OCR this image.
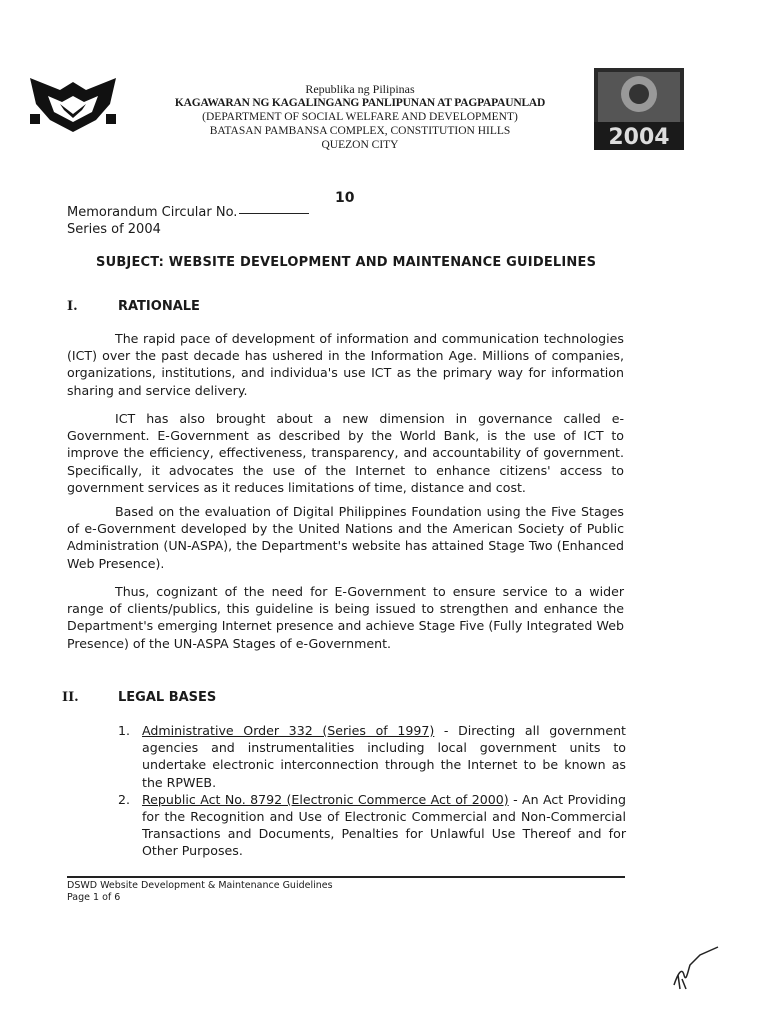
2004
Republika ng Pilipinas
KAGAWARAN NG KAGALINGANG PANLIPUNAN AT PAGPAPAUNLAD
(DEPARTMENT OF SOCIAL WELFARE AND DEVELOPMENT)
BATASAN PAMBANSA COMPLEX, CONSTITUTION HILLS
QUEZON CITY
Memorandum Circular No.
10
Series of 2004
SUBJECT: WEBSITE DEVELOPMENT AND MAINTENANCE GUIDELINES
I.	RATIONALE
The rapid pace of development of information and communication technologies (ICT) over the past decade has ushered in the Information Age. Millions of companies, organizations, institutions, and individua's use ICT as the primary way for information sharing and service delivery.
ICT has also brought about a new dimension in governance called e-Government. E-Government as described by the World Bank, is the use of ICT to improve the efficiency, effectiveness, transparency, and accountability of government. Specifically, it advocates the use of the Internet to enhance citizens' access to government services as it reduces limitations of time, distance and cost.
Based on the evaluation of Digital Philippines Foundation using the Five Stages of e-Government developed by the United Nations and the American Society of Public Administration (UN-ASPA), the Department's website has attained Stage Two (Enhanced Web Presence).
Thus, cognizant of the need for E-Government to ensure service to a wider range of clients/publics, this guideline is being issued to strengthen and enhance the Department's emerging Internet presence and achieve Stage Five (Fully Integrated Web Presence) of the UN-ASPA Stages of e-Government.
II.	LEGAL BASES
1. Administrative Order 332 (Series of 1997) - Directing all government agencies and instrumentalities including local government units to undertake electronic interconnection through the Internet to be known as the RPWEB.
2. Republic Act No. 8792 (Electronic Commerce Act of 2000) - An Act Providing for the Recognition and Use of Electronic Commercial and Non-Commercial Transactions and Documents, Penalties for Unlawful Use Thereof and for Other Purposes.
DSWD Website Development & Maintenance Guidelines
Page 1 of 6
